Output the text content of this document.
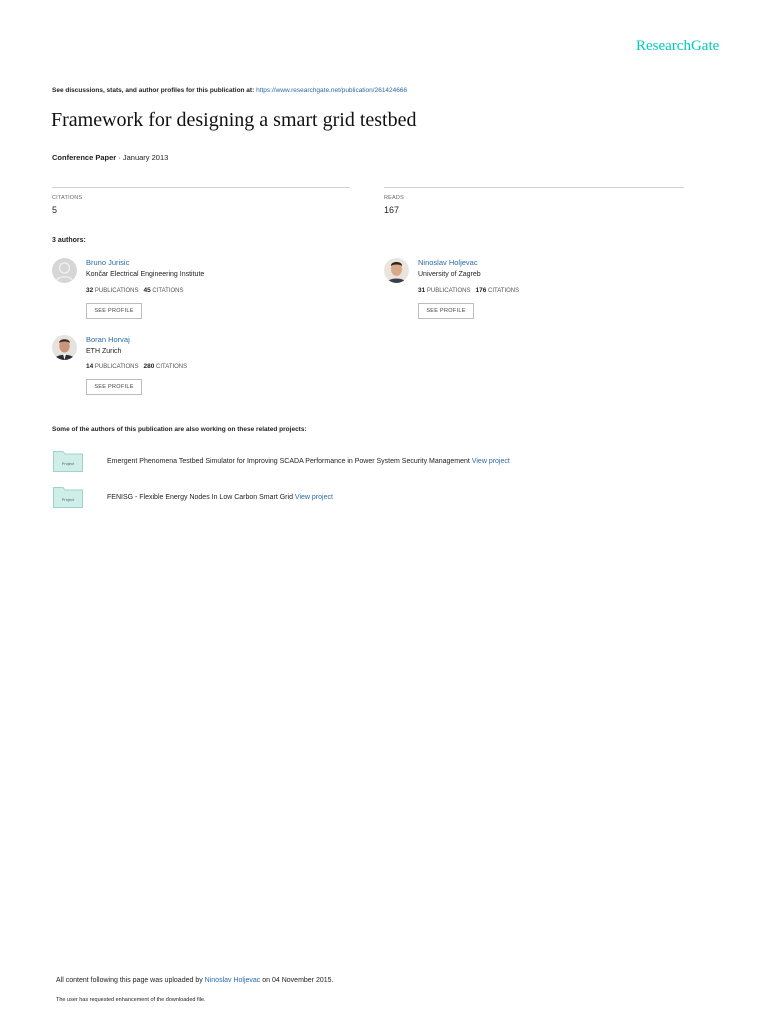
ResearchGate
See discussions, stats, and author profiles for this publication at: https://www.researchgate.net/publication/261424666
Framework for designing a smart grid testbed
Conference Paper · January 2013
CITATIONS
5
READS
167
3 authors:
Bruno Jurisic
Končar Electrical Engineering Institute
32 PUBLICATIONS 45 CITATIONS
SEE PROFILE
Ninoslav Holjevac
University of Zagreb
31 PUBLICATIONS 176 CITATIONS
SEE PROFILE
Boran Horvaj
ETH Zurich
14 PUBLICATIONS 280 CITATIONS
SEE PROFILE
Some of the authors of this publication are also working on these related projects:
Project	Emergent Phenomena Testbed Simulator for Improving SCADA Performance in Power System Security Management View project
Project	FENISG - Flexible Energy Nodes In Low Carbon Smart Grid View project
All content following this page was uploaded by Ninoslav Holjevac on 04 November 2015.
The user has requested enhancement of the downloaded file.
